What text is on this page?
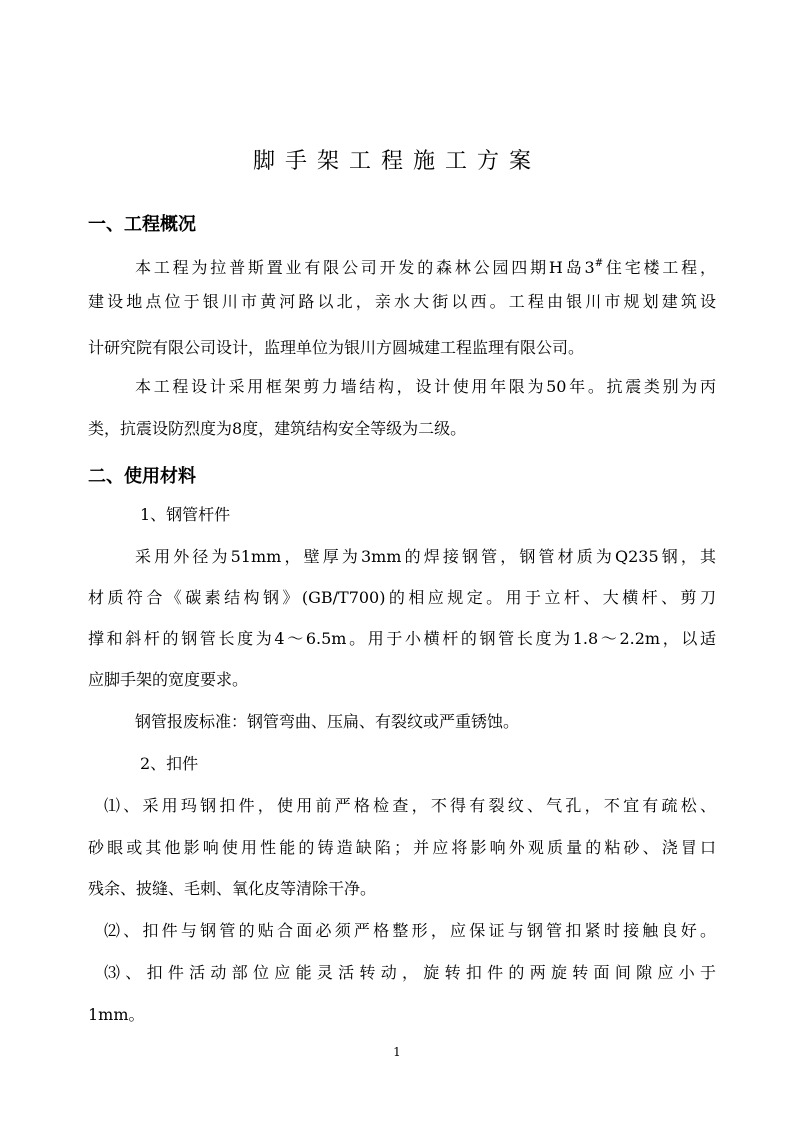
脚手架工程施工方案
一、工程概况
本工程为拉普斯置业有限公司开发的森林公园四期H岛3#住宅楼工程，
建设地点位于银川市黄河路以北，亲水大街以西。工程由银川市规划建筑设
计研究院有限公司设计，监理单位为银川方圆城建工程监理有限公司。
本工程设计采用框架剪力墙结构，设计使用年限为50年。抗震类别为丙
类，抗震设防烈度为8度，建筑结构安全等级为二级。
二、使用材料
1、钢管杆件
采用外径为51mm，壁厚为3mm的焊接钢管，钢管材质为Q235钢，其
材质符合《碳素结构钢》(GB/T700)的相应规定。用于立杆、大横杆、剪刀
撑和斜杆的钢管长度为4～6.5m。用于小横杆的钢管长度为1.8～2.2m，以适
应脚手架的宽度要求。
钢管报废标准：钢管弯曲、压扁、有裂纹或严重锈蚀。
2、扣件
⑴、采用玛钢扣件，使用前严格检查，不得有裂纹、气孔，不宜有疏松、
砂眼或其他影响使用性能的铸造缺陷；并应将影响外观质量的粘砂、浇冒口
残余、披缝、毛刺、氧化皮等清除干净。
⑵、扣件与钢管的贴合面必须严格整形，应保证与钢管扣紧时接触良好。
⑶、扣件活动部位应能灵活转动，旋转扣件的两旋转面间隙应小于
1mm。
1
